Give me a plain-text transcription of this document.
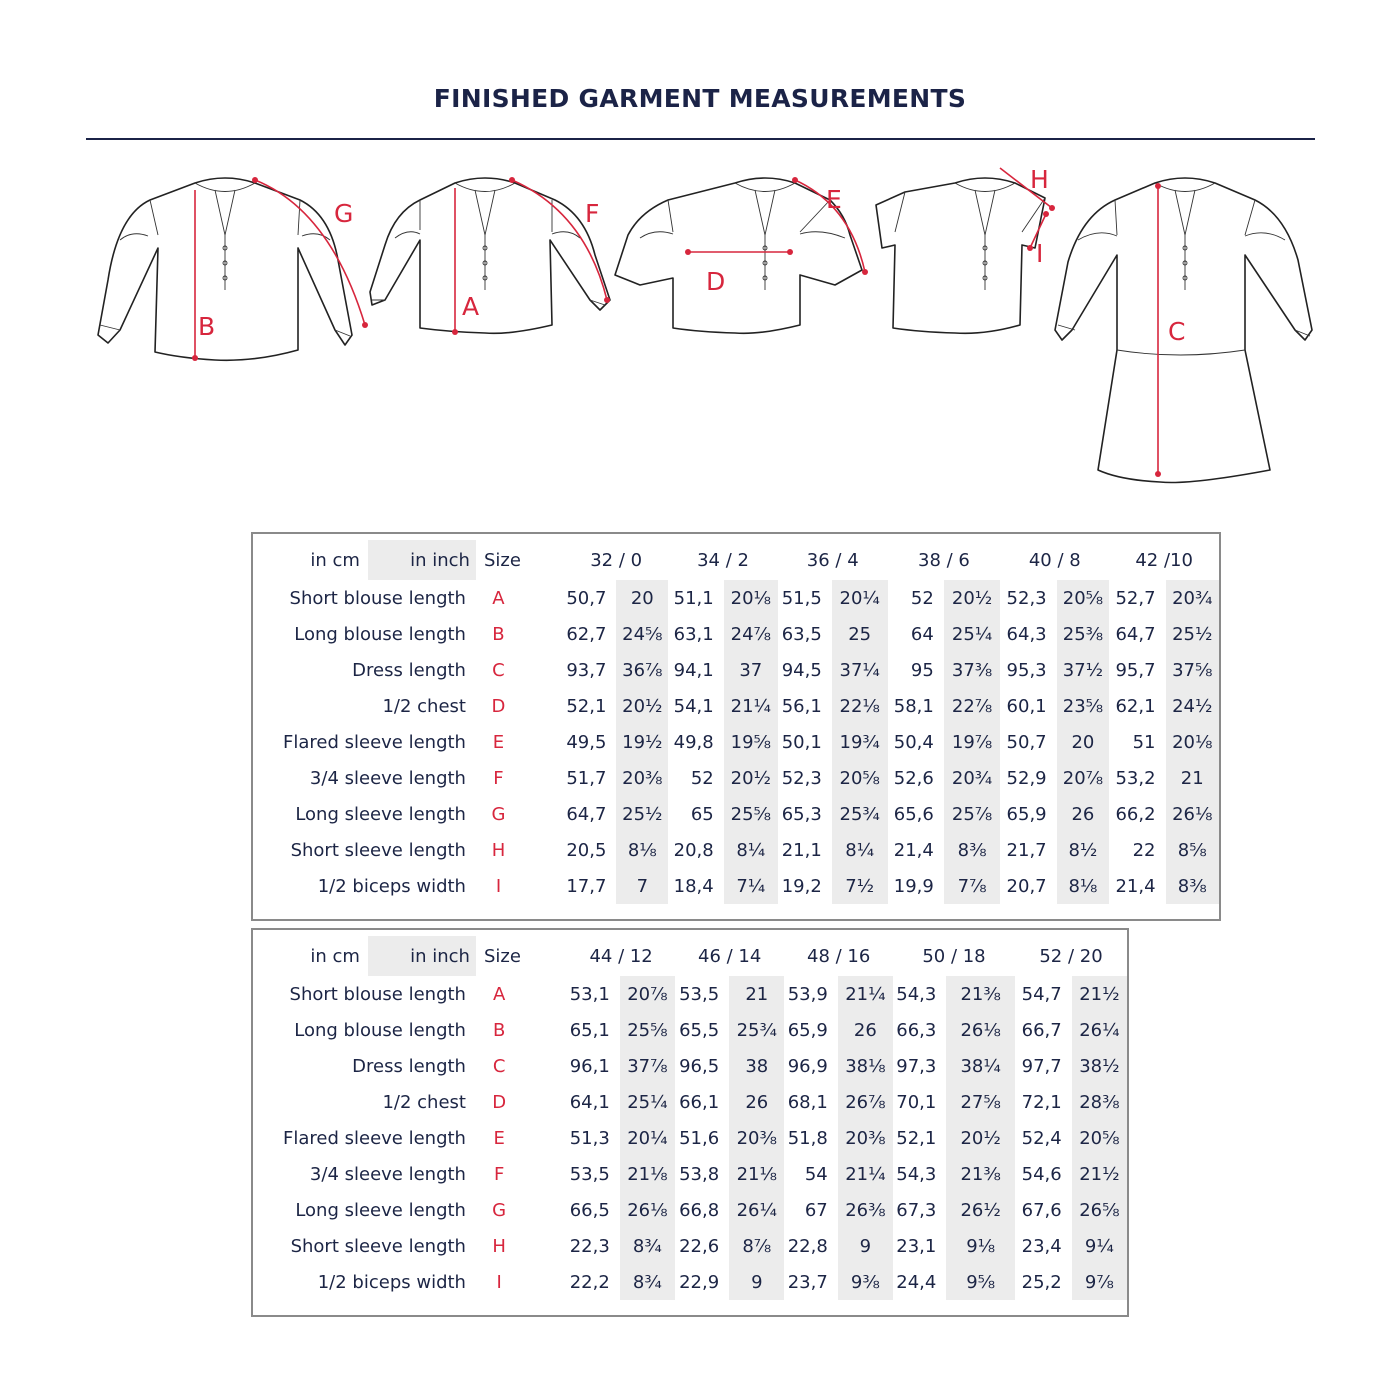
FINISHED GARMENT MEASUREMENTS
G
B
F
A
E
D
H
I
C
in cm	in inch	Size		32 / 0		34 / 2		36 / 4		38 / 6		40 / 8		42 /10	
Short blouse length		A		50,7	20	51,1	20⅛	51,5	20¼	52	20½	52,3	20⅝	52,7	20¾
Long blouse length		B		62,7	24⅝	63,1	24⅞	63,5	25	64	25¼	64,3	25⅜	64,7	25½
Dress length		C		93,7	36⅞	94,1	37	94,5	37¼	95	37⅜	95,3	37½	95,7	37⅝
1/2 chest		D		52,1	20½	54,1	21¼	56,1	22⅛	58,1	22⅞	60,1	23⅝	62,1	24½
Flared sleeve length		E		49,5	19½	49,8	19⅝	50,1	19¾	50,4	19⅞	50,7	20	51	20⅛
3/4 sleeve length		F		51,7	20⅜	52	20½	52,3	20⅝	52,6	20¾	52,9	20⅞	53,2	21
Long sleeve length		G		64,7	25½	65	25⅝	65,3	25¾	65,6	25⅞	65,9	26	66,2	26⅛
Short sleeve length		H		20,5	8⅛	20,8	8¼	21,1	8¼	21,4	8⅜	21,7	8½	22	8⅝
1/2 biceps width		I		17,7	7	18,4	7¼	19,2	7½	19,9	7⅞	20,7	8⅛	21,4	8⅜
in cm	in inch	Size		44 / 12		46 / 14		48 / 16		50 / 18		52 / 20	
Short blouse length		A		53,1	20⅞	53,5	21	53,9	21¼	54,3	21⅜	54,7	21½
Long blouse length		B		65,1	25⅝	65,5	25¾	65,9	26	66,3	26⅛	66,7	26¼
Dress length		C		96,1	37⅞	96,5	38	96,9	38⅛	97,3	38¼	97,7	38½
1/2 chest		D		64,1	25¼	66,1	26	68,1	26⅞	70,1	27⅝	72,1	28⅜
Flared sleeve length		E		51,3	20¼	51,6	20⅜	51,8	20⅜	52,1	20½	52,4	20⅝
3/4 sleeve length		F		53,5	21⅛	53,8	21⅛	54	21¼	54,3	21⅜	54,6	21½
Long sleeve length		G		66,5	26⅛	66,8	26¼	67	26⅜	67,3	26½	67,6	26⅝
Short sleeve length		H		22,3	8¾	22,6	8⅞	22,8	9	23,1	9⅛	23,4	9¼
1/2 biceps width		I		22,2	8¾	22,9	9	23,7	9⅜	24,4	9⅝	25,2	9⅞
